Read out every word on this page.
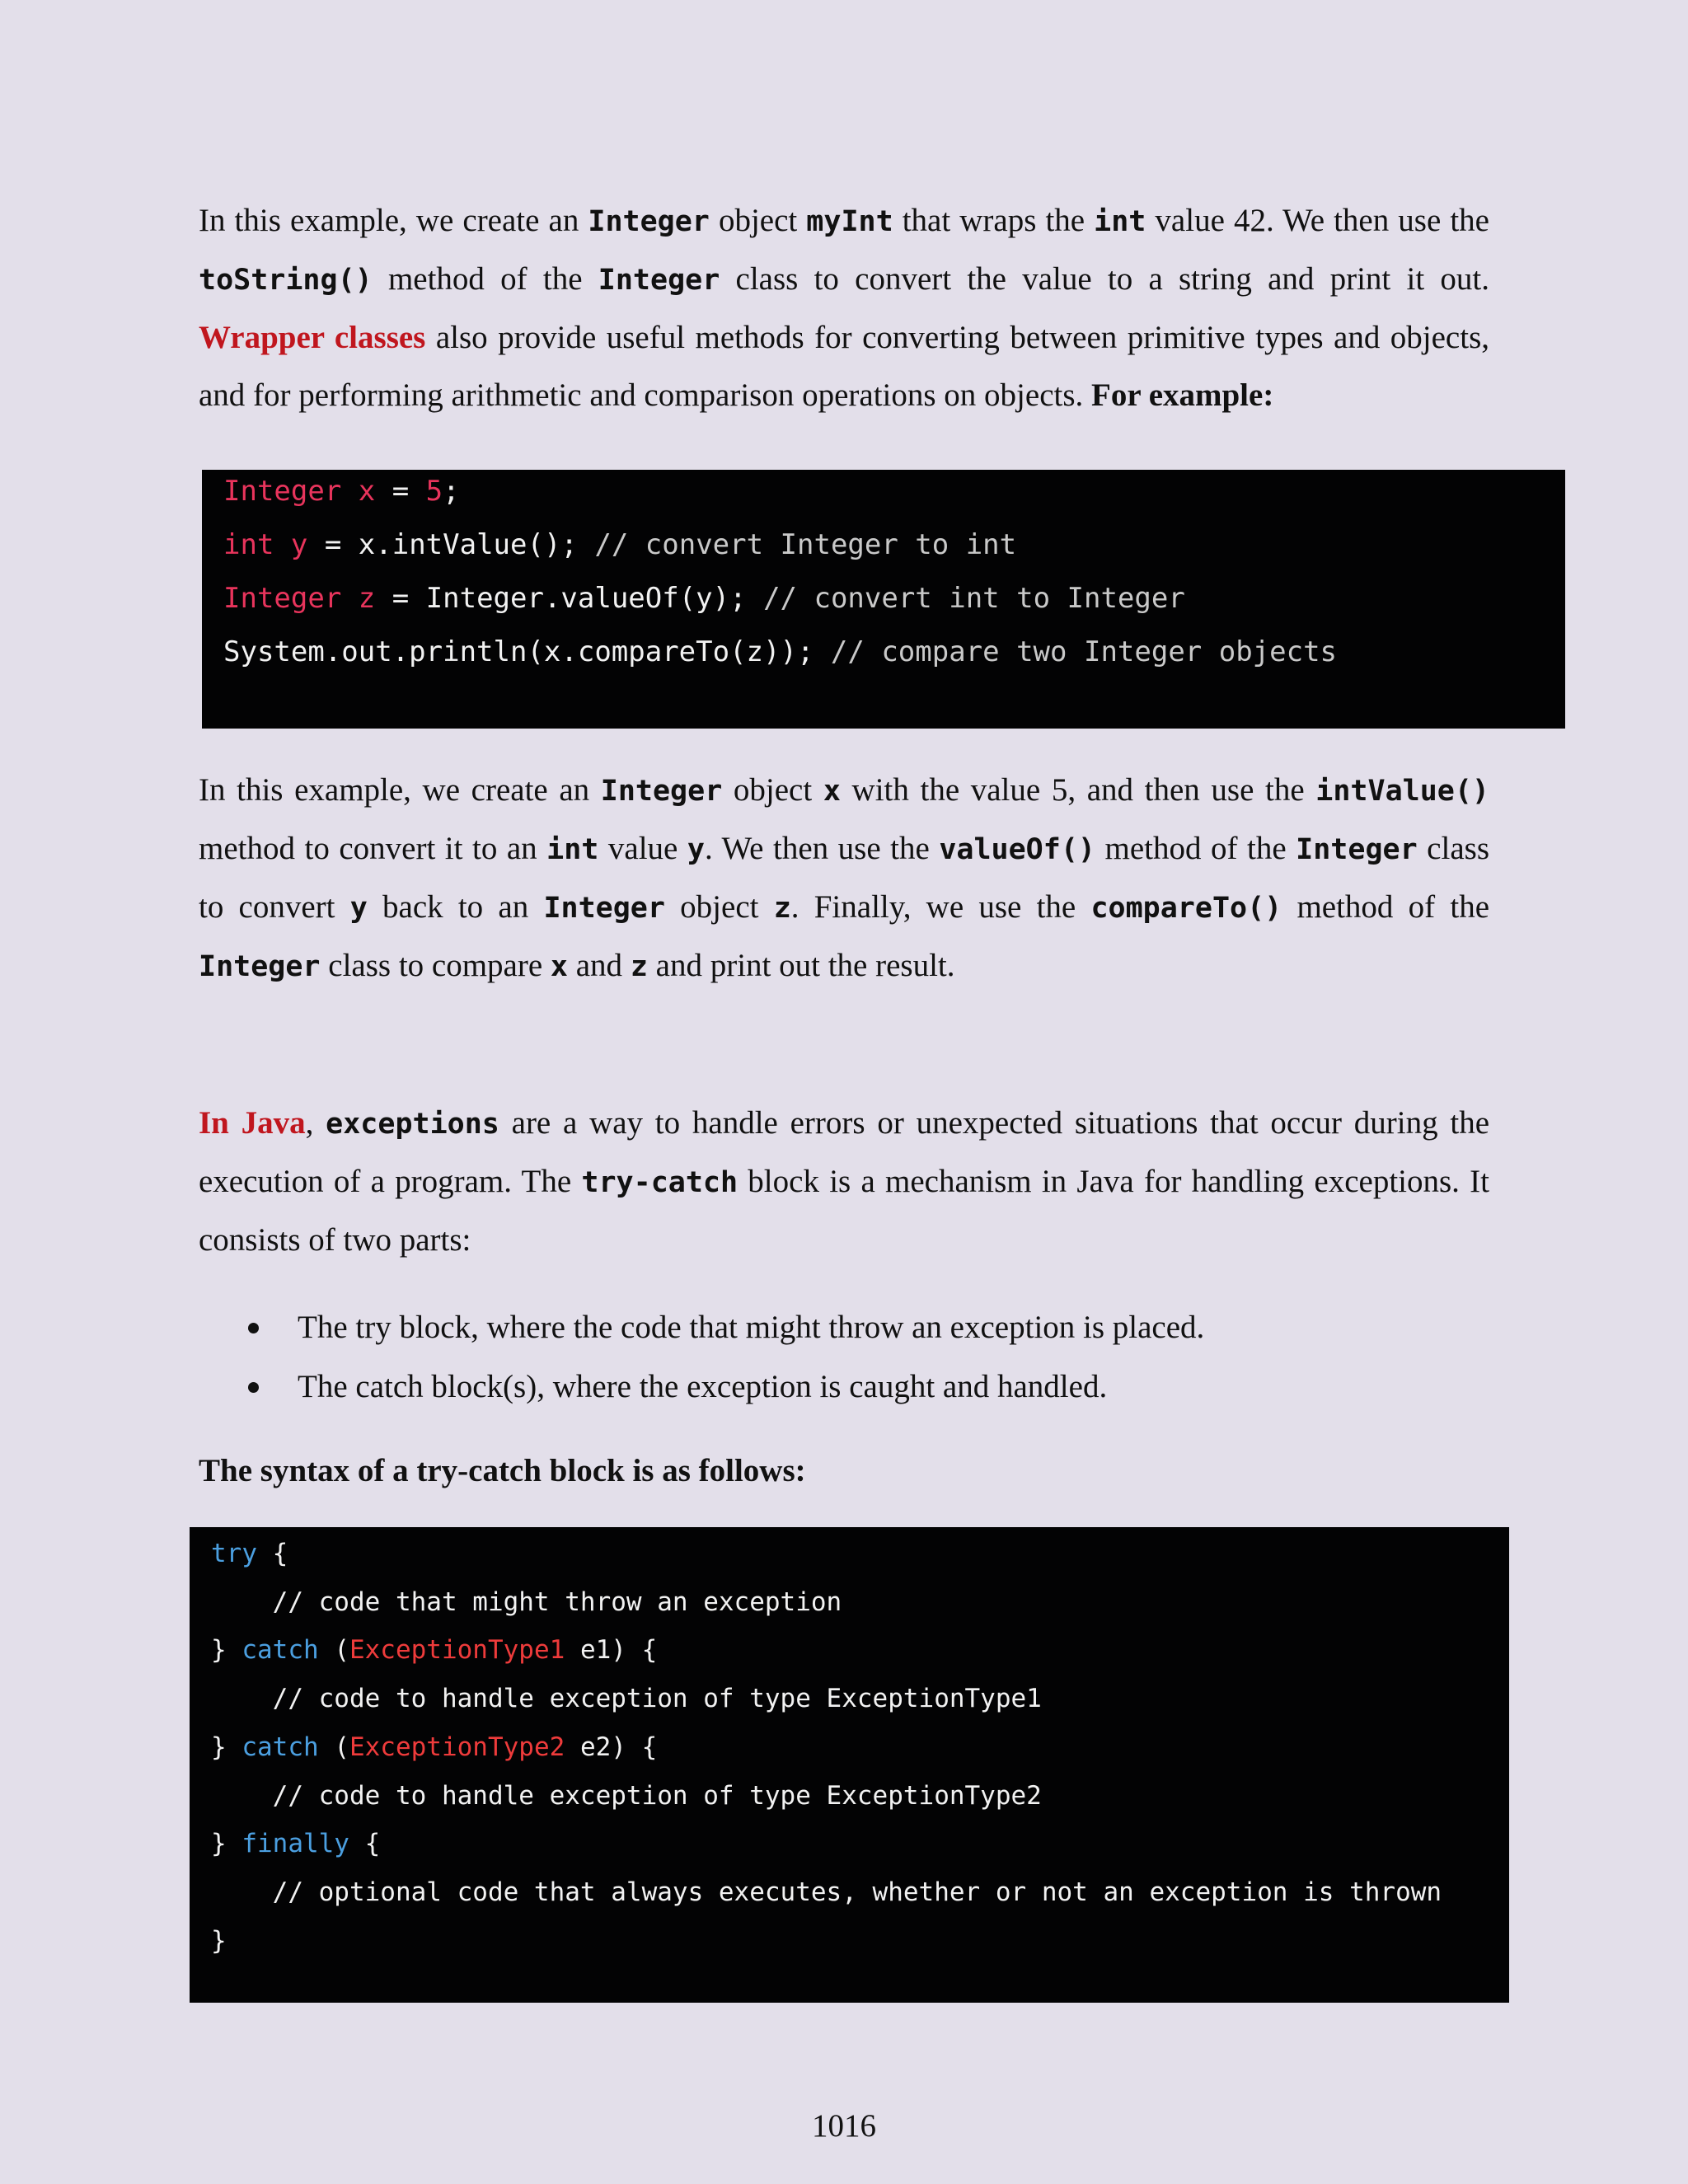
In this example, we create an Integer object myInt that wraps the int value 42. We then use the toString() method of the Integer class to convert the value to a string and print it out. Wrapper classes also provide useful methods for converting between primitive types and objects, and for performing arithmetic and comparison operations on objects. For example:

Integer x = 5;
int y = x.intValue(); // convert Integer to int
Integer z = Integer.valueOf(y); // convert int to Integer
System.out.println(x.compareTo(z)); // compare two Integer objects

In this example, we create an Integer object x with the value 5, and then use the intValue() method to convert it to an int value y. We then use the valueOf() method of the Integer class to convert y back to an Integer object z. Finally, we use the compareTo() method of the Integer class to compare x and z and print out the result.

In Java, exceptions are a way to handle errors or unexpected situations that occur during the execution of a program. The try-catch block is a mechanism in Java for handling exceptions. It consists of two parts:

The try block, where the code that might throw an exception is placed.
The catch block(s), where the exception is caught and handled.

The syntax of a try-catch block is as follows:

try {
// code that might throw an exception
} catch (ExceptionType1 e1) {
// code to handle exception of type ExceptionType1
} catch (ExceptionType2 e2) {
// code to handle exception of type ExceptionType2
} finally {
// optional code that always executes, whether or not an exception is thrown
}
1016
